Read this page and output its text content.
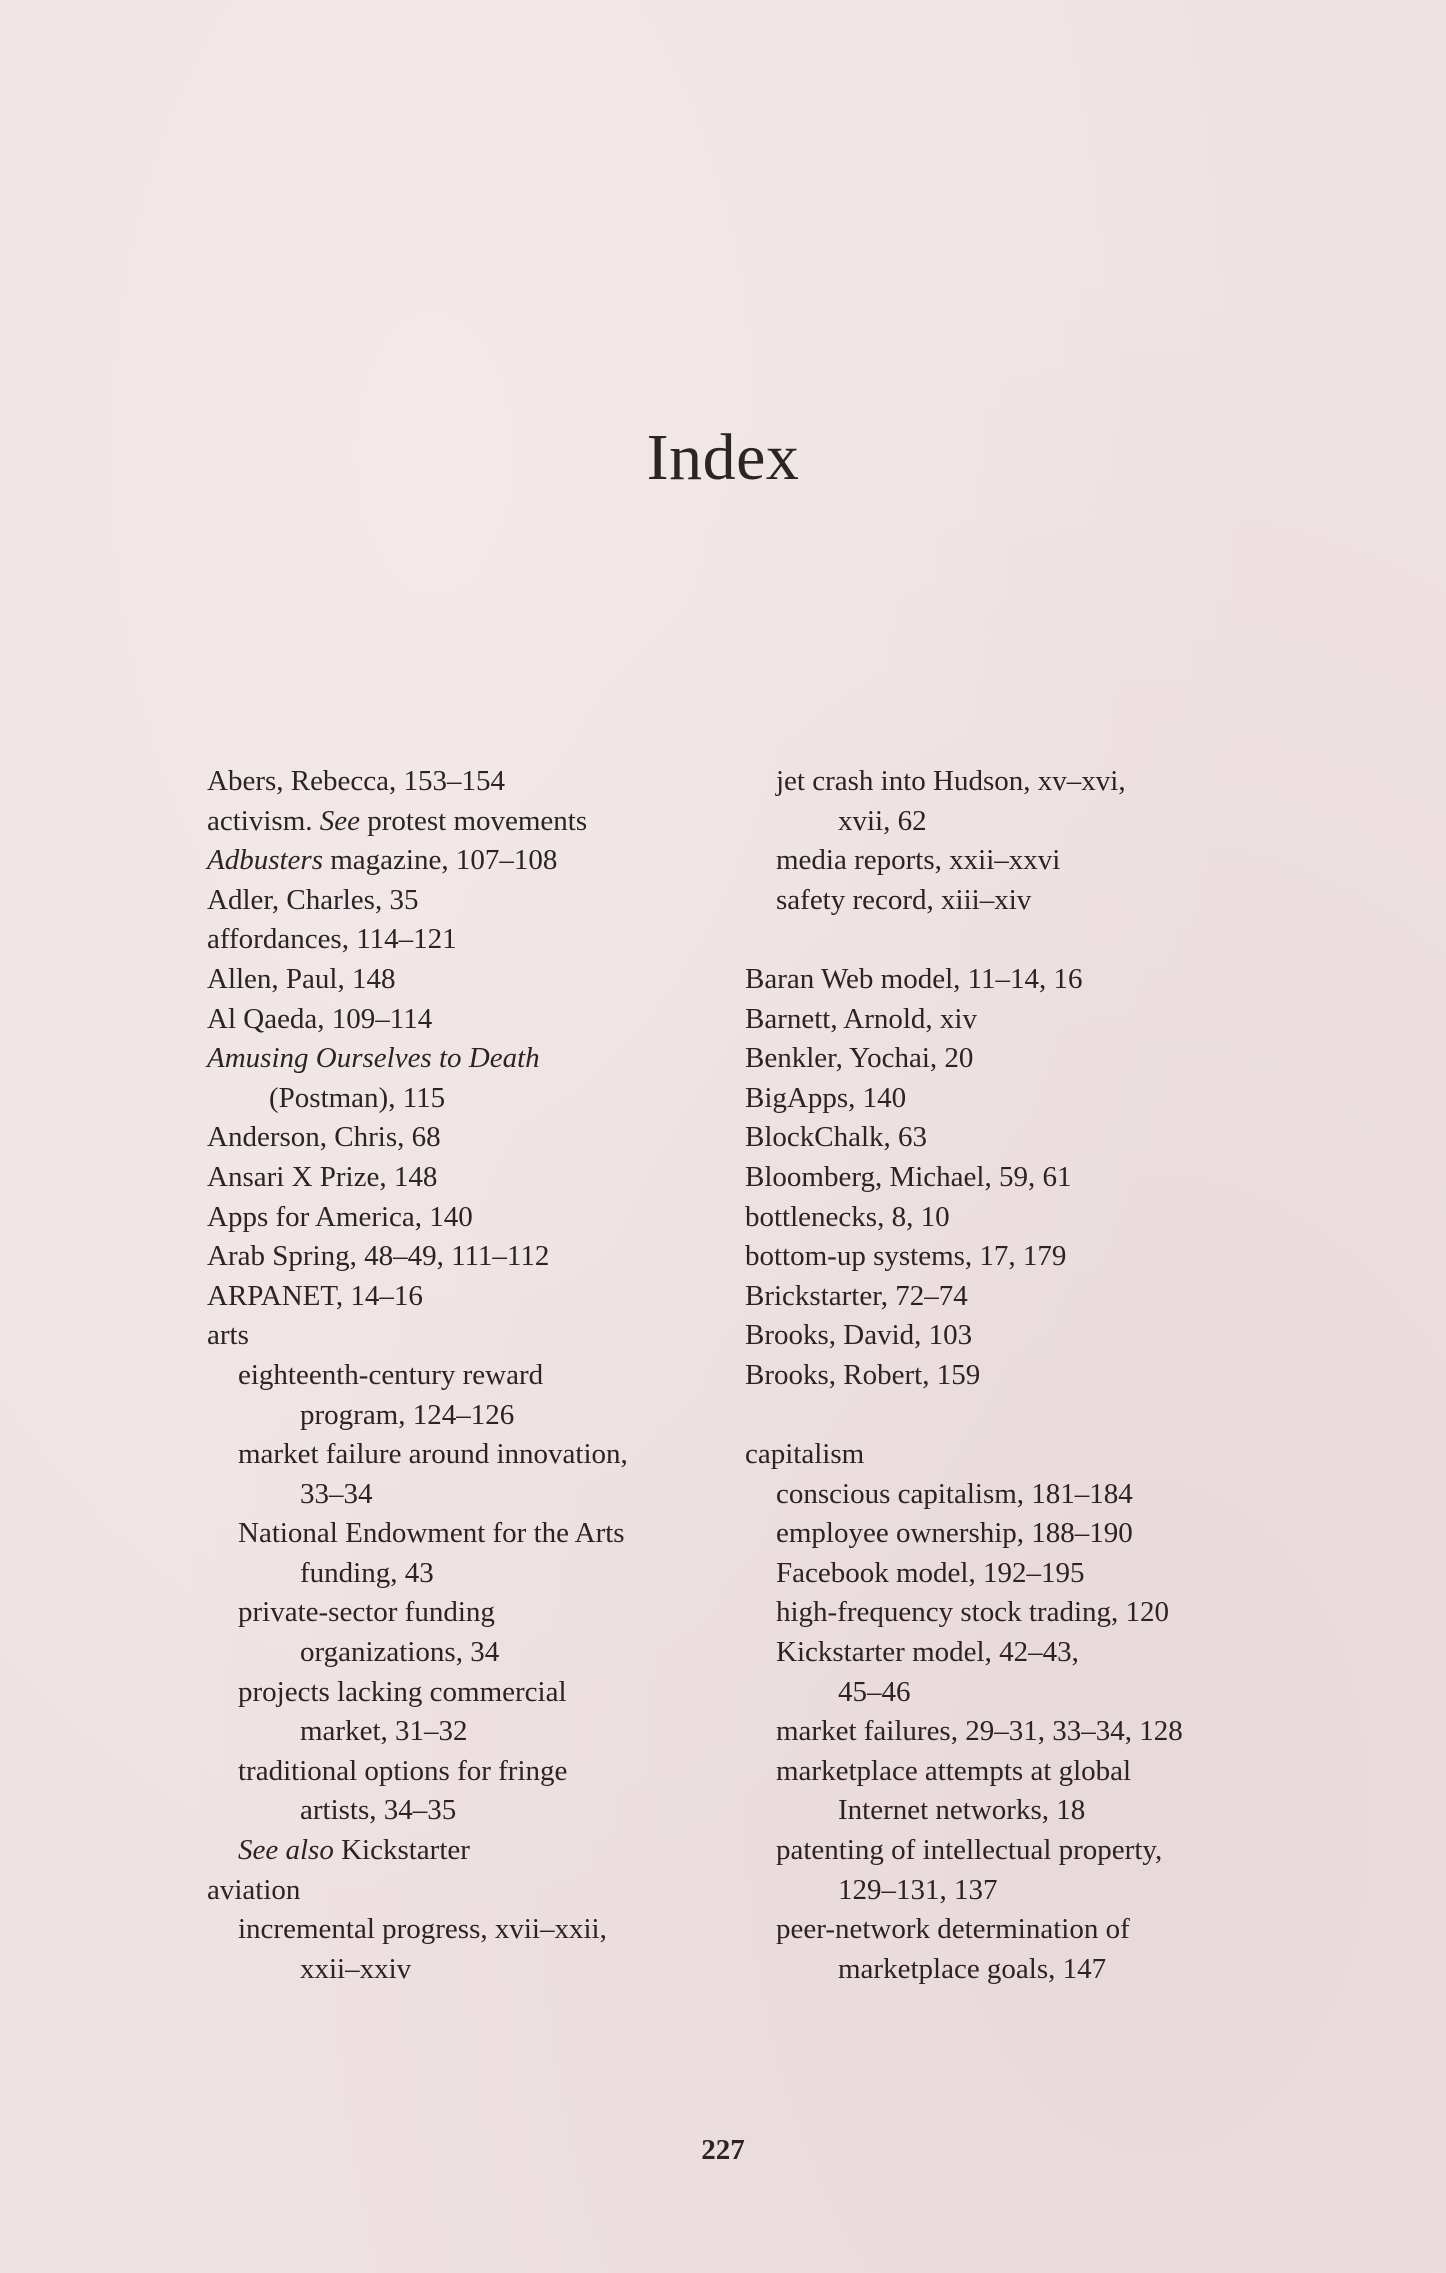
Index
Abers, Rebecca, 153–154
activism. See protest movements
Adbusters magazine, 107–108
Adler, Charles, 35
affordances, 114–121
Allen, Paul, 148
Al Qaeda, 109–114
Amusing Ourselves to Death
(Postman), 115
Anderson, Chris, 68
Ansari X Prize, 148
Apps for America, 140
Arab Spring, 48–49, 111–112
ARPANET, 14–16
arts
eighteenth-century reward
program, 124–126
market failure around innovation,
33–34
National Endowment for the Arts
funding, 43
private-sector funding
organizations, 34
projects lacking commercial
market, 31–32
traditional options for fringe
artists, 34–35
See also Kickstarter
aviation
incremental progress, xvii–xxii,
xxii–xxiv
jet crash into Hudson, xv–xvi,
xvii, 62
media reports, xxii–xxvi
safety record, xiii–xiv
Baran Web model, 11–14, 16
Barnett, Arnold, xiv
Benkler, Yochai, 20
BigApps, 140
BlockChalk, 63
Bloomberg, Michael, 59, 61
bottlenecks, 8, 10
bottom-up systems, 17, 179
Brickstarter, 72–74
Brooks, David, 103
Brooks, Robert, 159
capitalism
conscious capitalism, 181–184
employee ownership, 188–190
Facebook model, 192–195
high-frequency stock trading, 120
Kickstarter model, 42–43,
45–46
market failures, 29–31, 33–34, 128
marketplace attempts at global
Internet networks, 18
patenting of intellectual property,
129–131, 137
peer-network determination of
marketplace goals, 147
227
